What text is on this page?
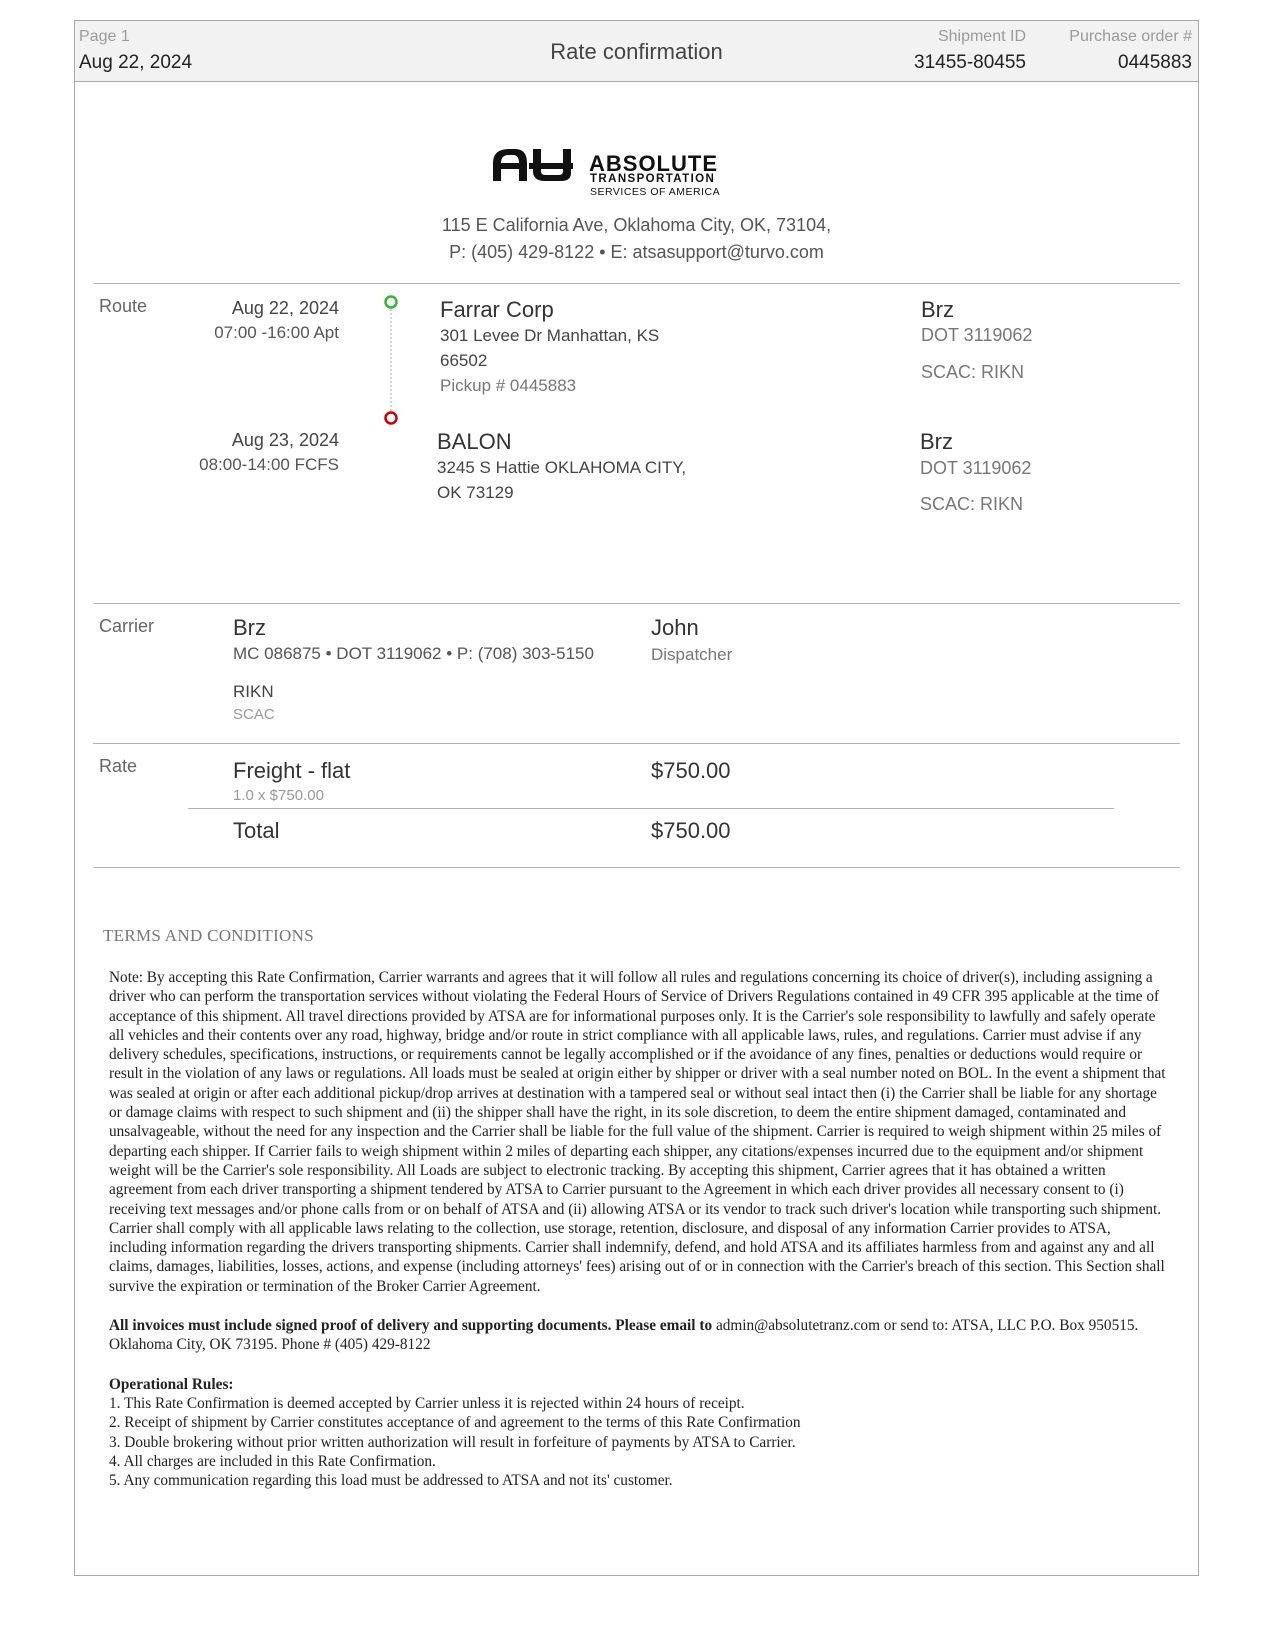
Page 1
Aug 22, 2024	Rate confirmation
Shipment ID
31455-80455
Purchase order #
0445883
ABSOLUTE
TRANSPORTATION
SERVICES OF AMERICA
115 E California Ave, Oklahoma City, OK, 73104,
P: (405) 429-8122 • E: atsasupport@turvo.com
Route	Aug 22, 2024
07:00 -16:00 Apt
Farrar Corp
301 Levee Dr Manhattan, KS
66502
Pickup # 0445883
Brz
DOT 3119062
SCAC: RIKN
Aug 23, 2024
08:00-14:00 FCFS
BALON
3245 S Hattie OKLAHOMA CITY,
OK 73129
Brz
DOT 3119062
SCAC: RIKN
Carrier	Brz
MC 086875 • DOT 3119062 • P: (708) 303-5150
RIKN
SCAC
John
Dispatcher
Rate	Freight - flat
1.0 x $750.00
$750.00
Total	$750.00
TERMS AND CONDITIONS

Note: By accepting this Rate Confirmation, Carrier warrants and agrees that it will follow all rules and regulations concerning its choice of driver(s), including assigning a driver who can perform the transportation services without violating the Federal Hours of Service of Drivers Regulations contained in 49 CFR 395 applicable at the time of acceptance of this shipment. All travel directions provided by ATSA are for informational purposes only. It is the Carrier's sole responsibility to lawfully and safely operate all vehicles and their contents over any road, highway, bridge and/or route in strict compliance with all applicable laws, rules, and regulations. Carrier must advise if any delivery schedules, specifications, instructions, or requirements cannot be legally accomplished or if the avoidance of any fines, penalties or deductions would require or result in the violation of any laws or regulations. All loads must be sealed at origin either by shipper or driver with a seal number noted on BOL. In the event a shipment that was sealed at origin or after each additional pickup/drop arrives at destination with a tampered seal or without seal intact then (i) the Carrier shall be liable for any shortage or damage claims with respect to such shipment and (ii) the shipper shall have the right, in its sole discretion, to deem the entire shipment damaged, contaminated and unsalvageable, without the need for any inspection and the Carrier shall be liable for the full value of the shipment. Carrier is required to weigh shipment within 25 miles of departing each shipper. If Carrier fails to weigh shipment within 2 miles of departing each shipper, any citations/expenses incurred due to the equipment and/or shipment weight will be the Carrier's sole responsibility. All Loads are subject to electronic tracking. By accepting this shipment, Carrier agrees that it has obtained a written agreement from each driver transporting a shipment tendered by ATSA to Carrier pursuant to the Agreement in which each driver provides all necessary consent to (i) receiving text messages and/or phone calls from or on behalf of ATSA and (ii) allowing ATSA or its vendor to track such driver's location while transporting such shipment. Carrier shall comply with all applicable laws relating to the collection, use storage, retention, disclosure, and disposal of any information Carrier provides to ATSA, including information regarding the drivers transporting shipments. Carrier shall indemnify, defend, and hold ATSA and its affiliates harmless from and against any and all claims, damages, liabilities, losses, actions, and expense (including attorneys' fees) arising out of or in connection with the Carrier's breach of this section. This Section shall survive the expiration or termination of the Broker Carrier Agreement.

All invoices must include signed proof of delivery and supporting documents. Please email to admin@absolutetranz.com or send to: ATSA, LLC P.O. Box 950515. Oklahoma City, OK 73195. Phone # (405) 429-8122

Operational Rules:
1. This Rate Confirmation is deemed accepted by Carrier unless it is rejected within 24 hours of receipt.
2. Receipt of shipment by Carrier constitutes acceptance of and agreement to the terms of this Rate Confirmation
3. Double brokering without prior written authorization will result in forfeiture of payments by ATSA to Carrier.
4. All charges are included in this Rate Confirmation.
5. Any communication regarding this load must be addressed to ATSA and not its' customer.
